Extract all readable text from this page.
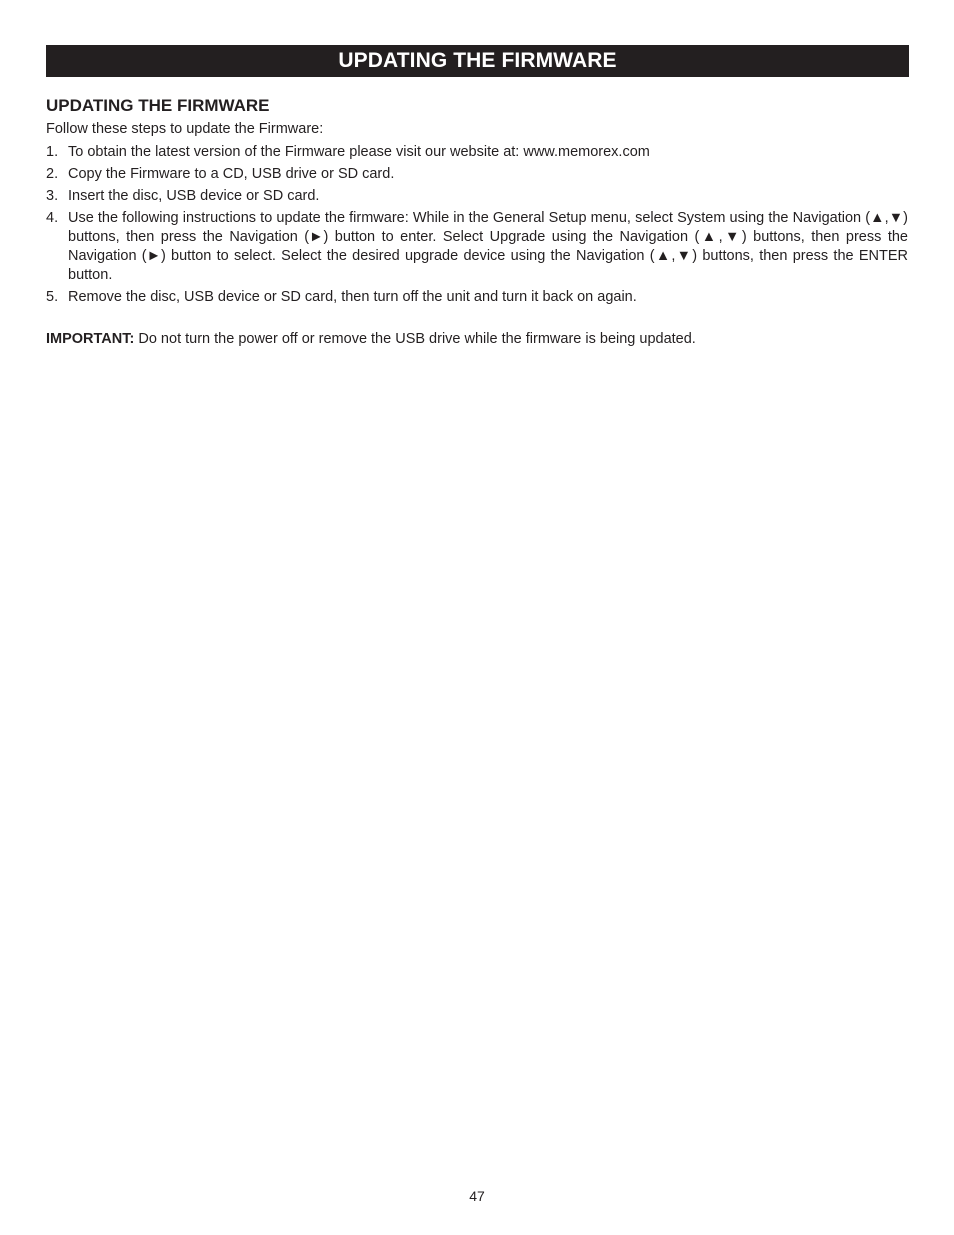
UPDATING THE FIRMWARE
UPDATING THE FIRMWARE
Follow these steps to update the Firmware:
1. To obtain the latest version of the Firmware please visit our website at: www.memorex.com
2. Copy the Firmware to a CD, USB drive or SD card.
3. Insert the disc, USB device or SD card.
4. Use the following instructions to update the firmware: While in the General Setup menu, select System using the Navigation (▲,▼) buttons, then press the Navigation (►) button to enter. Select Upgrade using the Navigation (▲,▼) buttons, then press the Navigation (►) button to select. Select the desired upgrade device using the Navigation (▲,▼) buttons, then press the ENTER button.
5. Remove the disc, USB device or SD card, then turn off the unit and turn it back on again.
IMPORTANT: Do not turn the power off or remove the USB drive while the firmware is being updated.
47
